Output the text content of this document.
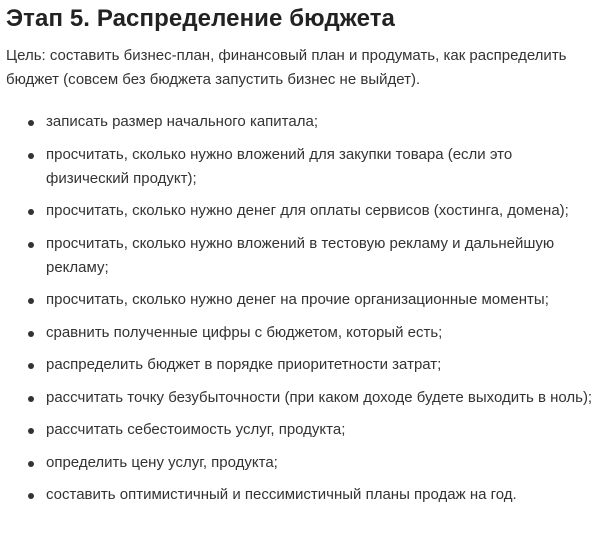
Этап 5. Распределение бюджета

Цель: составить бизнес-план, финансовый план и продумать, как распределить бюджет (совсем без бюджета запустить бизнес не выйдет).

записать размер начального капитала;
просчитать, сколько нужно вложений для закупки товара (если это физический продукт);
просчитать, сколько нужно денег для оплаты сервисов (хостинга, домена);
просчитать, сколько нужно вложений в тестовую рекламу и дальнейшую рекламу;
просчитать, сколько нужно денег на прочие организационные моменты;
сравнить полученные цифры с бюджетом, который есть;
распределить бюджет в порядке приоритетности затрат;
рассчитать точку безубыточности (при каком доходе будете выходить в ноль);
рассчитать себестоимость услуг, продукта;
определить цену услуг, продукта;
составить оптимистичный и пессимистичный планы продаж на год.
